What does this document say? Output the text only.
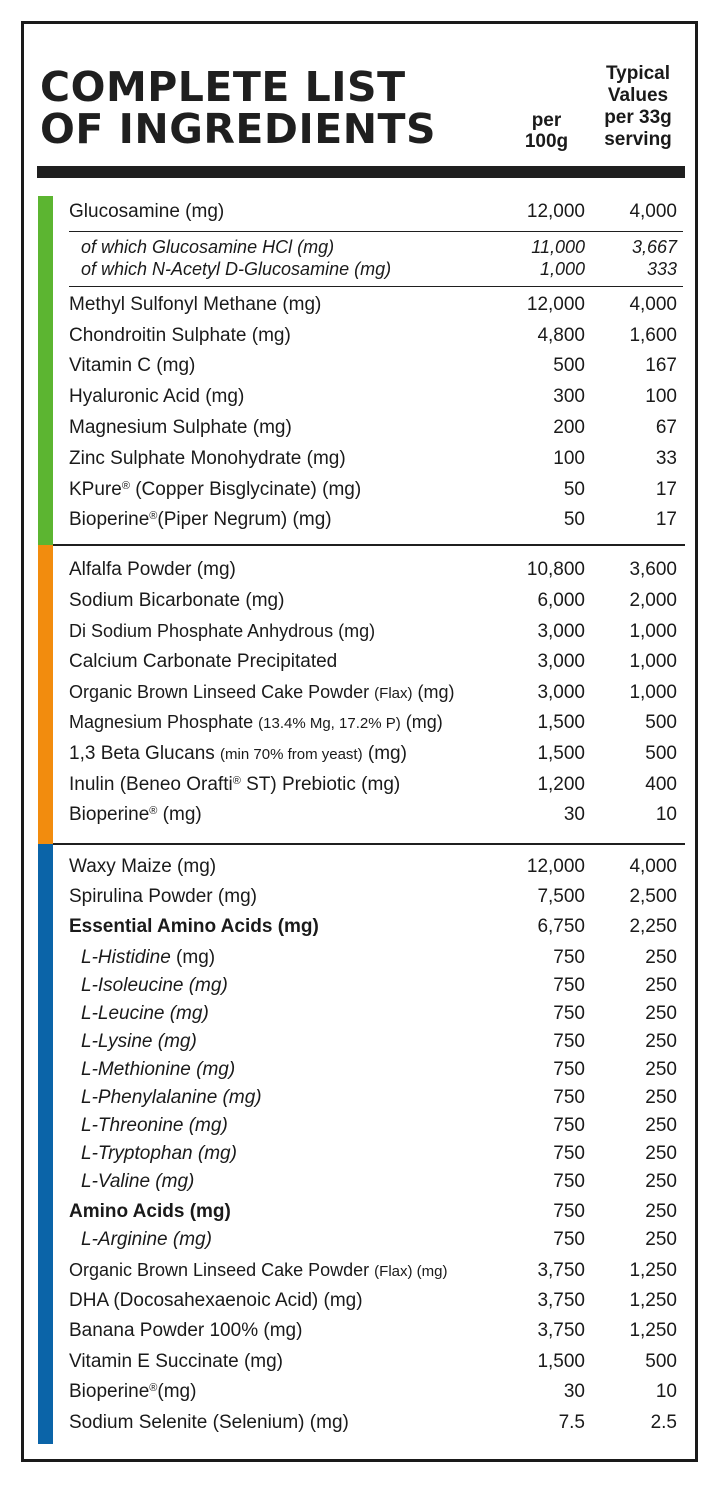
COMPLETE LIST
OF INGREDIENTS	per
100g
Typical
Values
per 33g
serving
Glucosamine (mg)	12,000 4,000
of which Glucosamine HCl (mg)	11,000	3,667
of which N-Acetyl D-Glucosamine (mg)	1,000	333
Methyl Sulfonyl Methane (mg)	12,000 4,000
Chondroitin Sulphate (mg)	4,800 1,600
Vitamin C (mg)	500	167
Hyaluronic Acid (mg)	300	100
Magnesium Sulphate (mg)	200	67
Zinc Sulphate Monohydrate (mg)	100	33
KPure® (Copper Bisglycinate) (mg)	50	17
Bioperine®(Piper Negrum) (mg)	50	17
Alfalfa Powder (mg)	10,800 3,600
Sodium Bicarbonate (mg)	6,000 2,000
Di Sodium Phosphate Anhydrous (mg)	3,000 1,000
Calcium Carbonate Precipitated	3,000 1,000
Organic Brown Linseed Cake Powder (Flax) (mg)	3,000 1,000
Magnesium Phosphate (13.4% Mg, 17.2% P) (mg)	1,500	500
1,3 Beta Glucans (min 70% from yeast) (mg)	1,500	500
Inulin (Beneo Orafti® ST) Prebiotic (mg)	1,200	400
Bioperine® (mg)	30	10
Waxy Maize (mg)	12,000 4,000
Spirulina Powder (mg)	7,500 2,500
Essential Amino Acids (mg)	6,750 2,250
L-Histidine (mg)	750	250
L-Isoleucine (mg)	750	250
L-Leucine (mg)	750	250
L-Lysine (mg)	750	250
L-Methionine (mg)	750	250
L-Phenylalanine (mg)	750	250
L-Threonine (mg)	750	250
L-Tryptophan (mg)	750	250
L-Valine (mg)	750	250
Amino Acids (mg)	750	250
L-Arginine (mg)	750	250
Organic Brown Linseed Cake Powder (Flax) (mg)	3,750 1,250
DHA (Docosahexaenoic Acid) (mg)	3,750 1,250
Banana Powder 100% (mg)	3,750 1,250
Vitamin E Succinate (mg)	1,500	500
Bioperine®(mg)	30	10
Sodium Selenite (Selenium) (mg)	7.5	2.5
